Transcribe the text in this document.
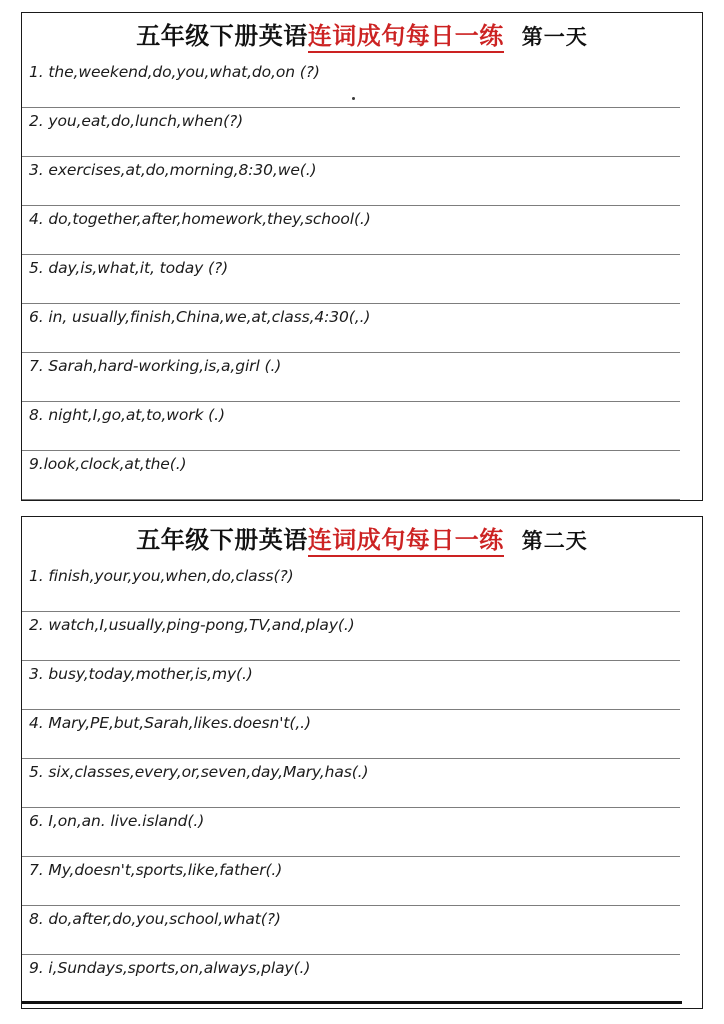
五年级下册英语连词成句每日一练 第一天
1. the,weekend,do,you,what,do,on (?)
2. you,eat,do,lunch,when(?)
3. exercises,at,do,morning,8:30,we(.)
4. do,together,after,homework,they,school(.)
5. day,is,what,it, today (?)
6. in, usually,finish,China,we,at,class,4:30(,.)
7. Sarah,hard-working,is,a,girl (.)
8. night,I,go,at,to,work (.)
9.look,clock,at,the(.)
五年级下册英语连词成句每日一练 第二天
1. finish,your,you,when,do,class(?)
2. watch,I,usually,ping-pong,TV,and,play(.)
3. busy,today,mother,is,my(.)
4. Mary,PE,but,Sarah,likes.doesn't(,.)
5. six,classes,every,or,seven,day,Mary,has(.)
6. I,on,an. live.island(.)
7. My,doesn't,sports,like,father(.)
8. do,after,do,you,school,what(?)
9. i,Sundays,sports,on,always,play(.)
